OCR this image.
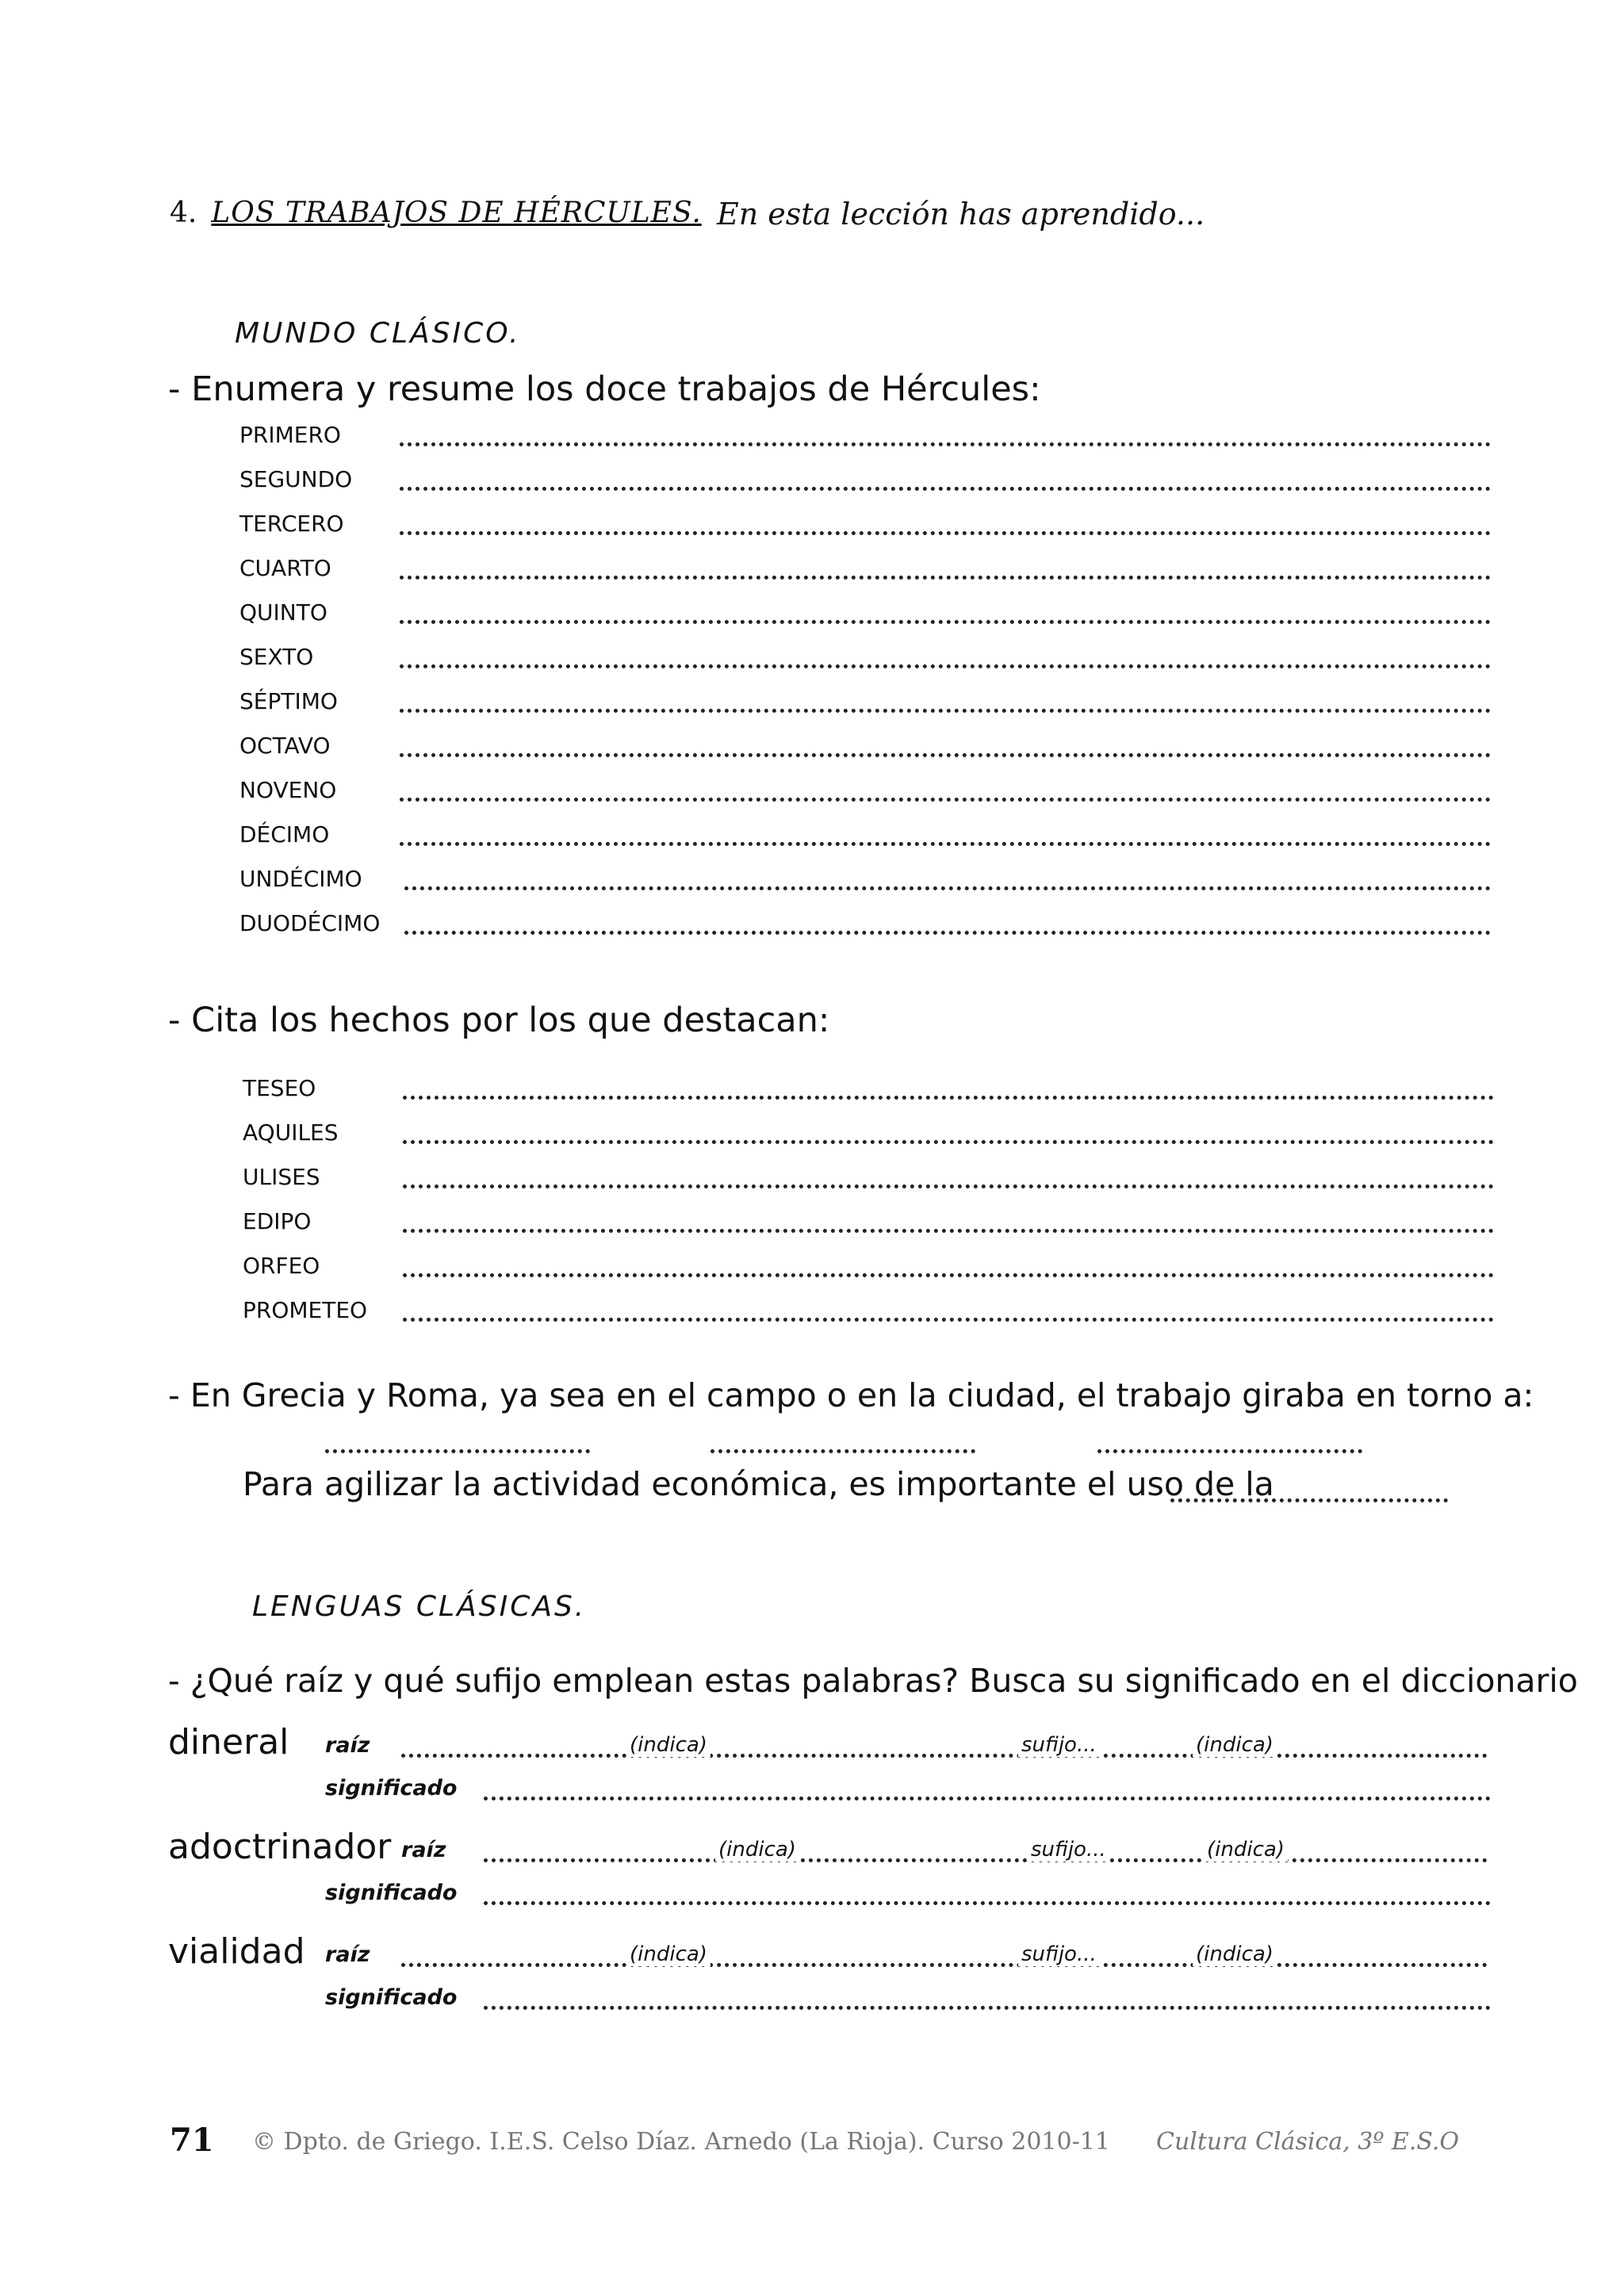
4. LOS TRABAJOS DE HÉRCULES. En esta lección has aprendido...
MUNDO CLÁSICO.
- Enumera y resume los doce trabajos de Hércules:
PRIMERO
SEGUNDO
TERCERO
CUARTO
QUINTO
SEXTO
SÉPTIMO
OCTAVO
NOVENO
DÉCIMO
UNDÉCIMO
DUODÉCIMO
- Cita los hechos por los que destacan:
TESEO
AQUILES
ULISES
EDIPO
ORFEO
PROMETEO
- En Grecia y Roma, ya sea en el campo o en la ciudad, el trabajo giraba en torno a:
Para agilizar la actividad económica, es importante el uso de la
LENGUAS CLÁSICAS.
- ¿Qué raíz y qué sufijo emplean estas palabras? Busca su significado en el diccionario
dineral raíz	(indica)	sufijo...	(indica)
significado
adoctrinador raíz	(indica)	sufijo...	(indica)
significado
vialidad raíz	(indica)	sufijo...	(indica)
significado
71 © Dpto. de Griego. I.E.S. Celso Díaz. Arnedo (La Rioja). Curso 2010-11 Cultura Clásica, 3º E.S.O
